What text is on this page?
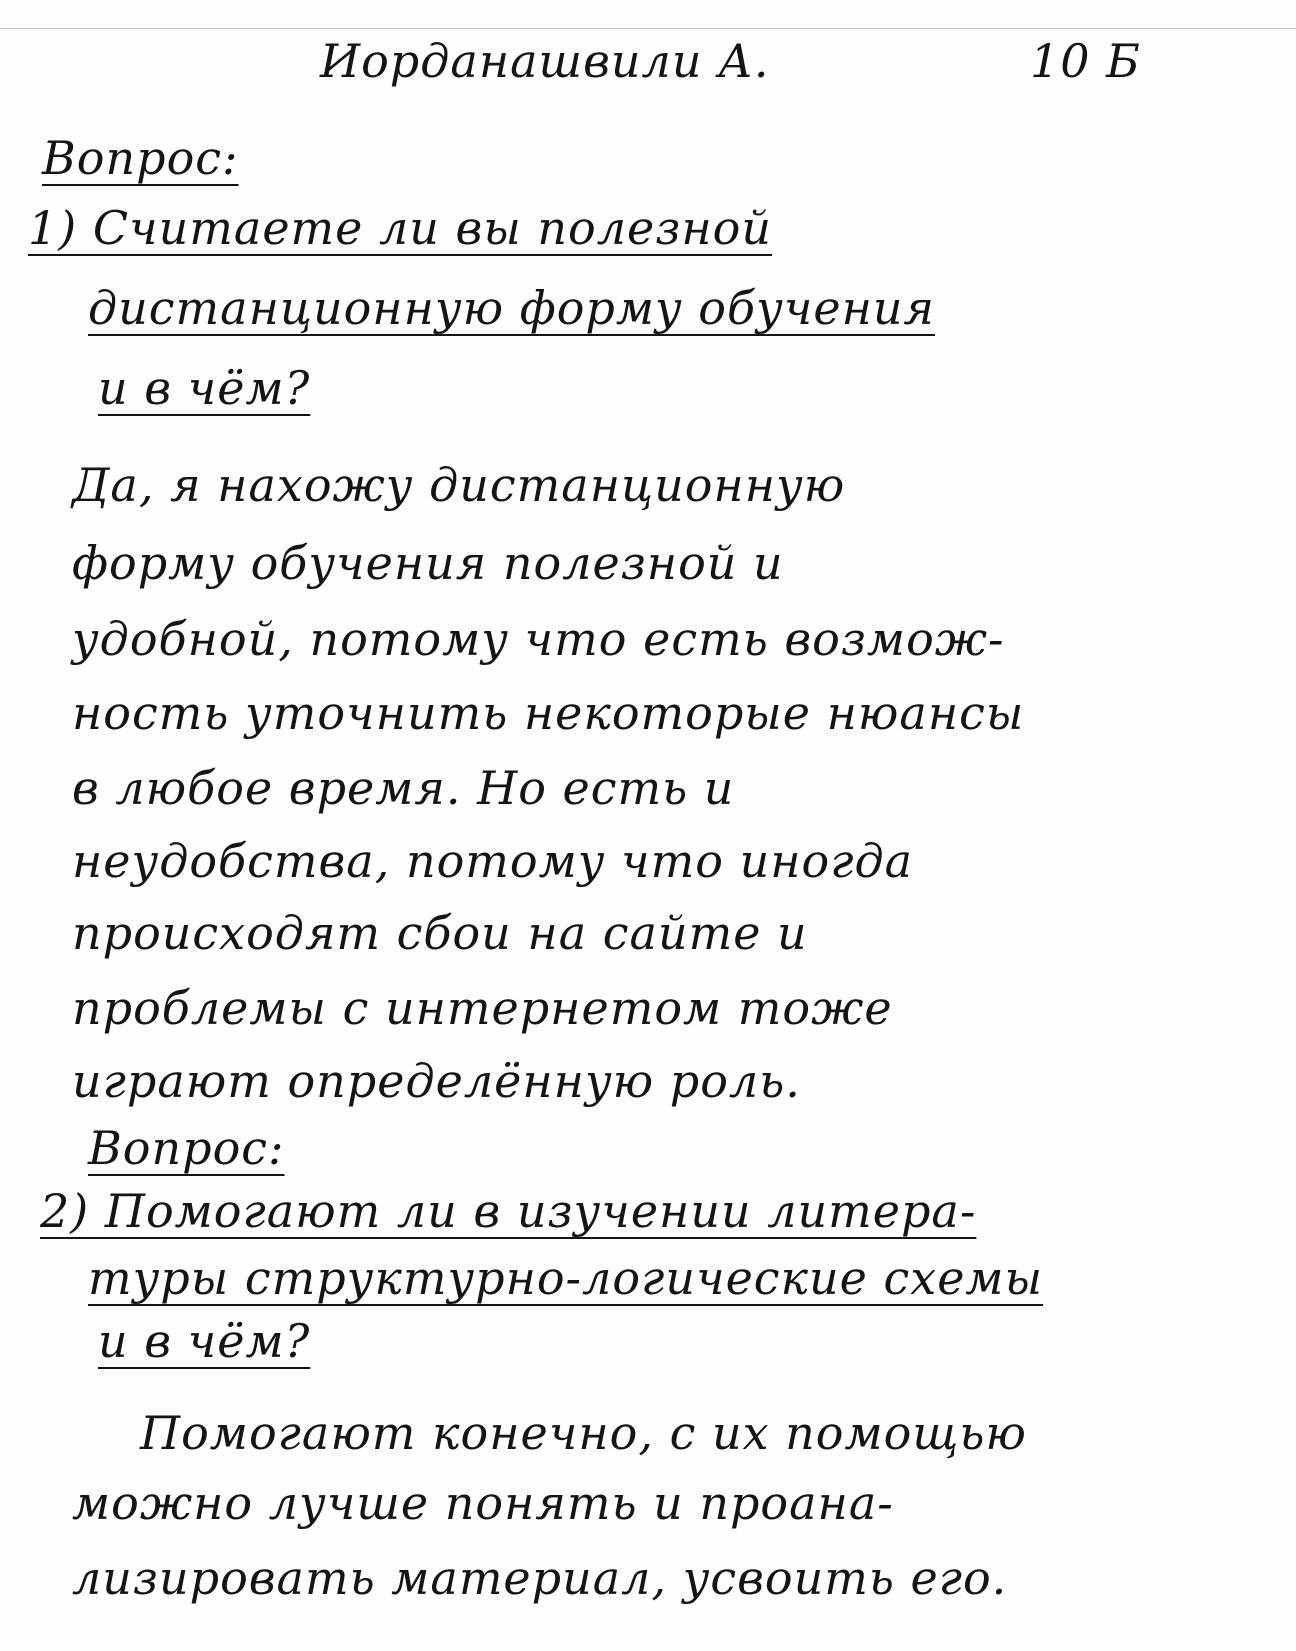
Иорданашвили А.	10 Б
Вопрос:
1) Считаете ли вы полезной
дистанционную форму обучения
и в чём?
Да, я нахожу дистанционную
форму обучения полезной и
удобной, потому что есть возмож-
ность уточнить некоторые нюансы
в любое время. Но есть и
неудобства, потому что иногда
происходят сбои на сайте и
проблемы с интернетом тоже
играют определённую роль.
Вопрос:
2) Помогают ли в изучении литера-
туры структурно-логические схемы
и в чём?
Помогают конечно, с их помощью
можно лучше понять и проана-
лизировать материал, усвоить его.
